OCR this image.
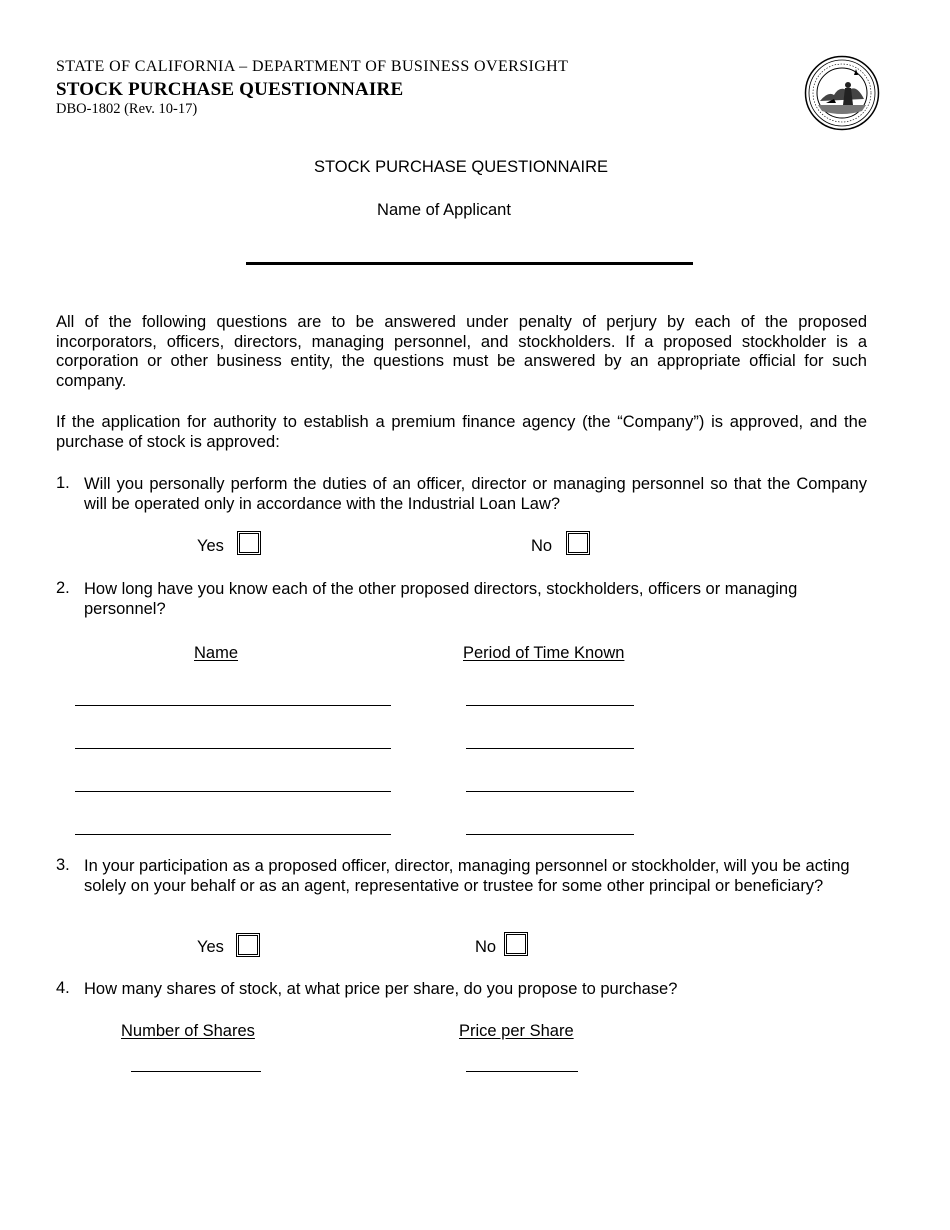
STATE OF CALIFORNIA – DEPARTMENT OF BUSINESS OVERSIGHT
STOCK PURCHASE QUESTIONNAIRE
DBO-1802 (Rev. 10-17)
STOCK PURCHASE QUESTIONNAIRE
Name of Applicant
All of the following questions are to be answered under penalty of perjury by each of the proposed incorporators, officers, directors, managing personnel, and stockholders. If a proposed stockholder is a corporation or other business entity, the questions must be answered by an appropriate official for such company.
If the application for authority to establish a premium finance agency (the “Company”) is approved, and the purchase of stock is approved:
1. Will you personally perform the duties of an officer, director or managing personnel so that the Company will be operated only in accordance with the Industrial Loan Law?
Yes	No
2. How long have you know each of the other proposed directors, stockholders, officers or managing personnel?
Name	Period of Time Known
3. In your participation as a proposed officer, director, managing personnel or stockholder, will you be acting solely on your behalf or as an agent, representative or trustee for some other principal or beneficiary?
Yes	No
4. How many shares of stock, at what price per share, do you propose to purchase?
Number of Shares	Price per Share
